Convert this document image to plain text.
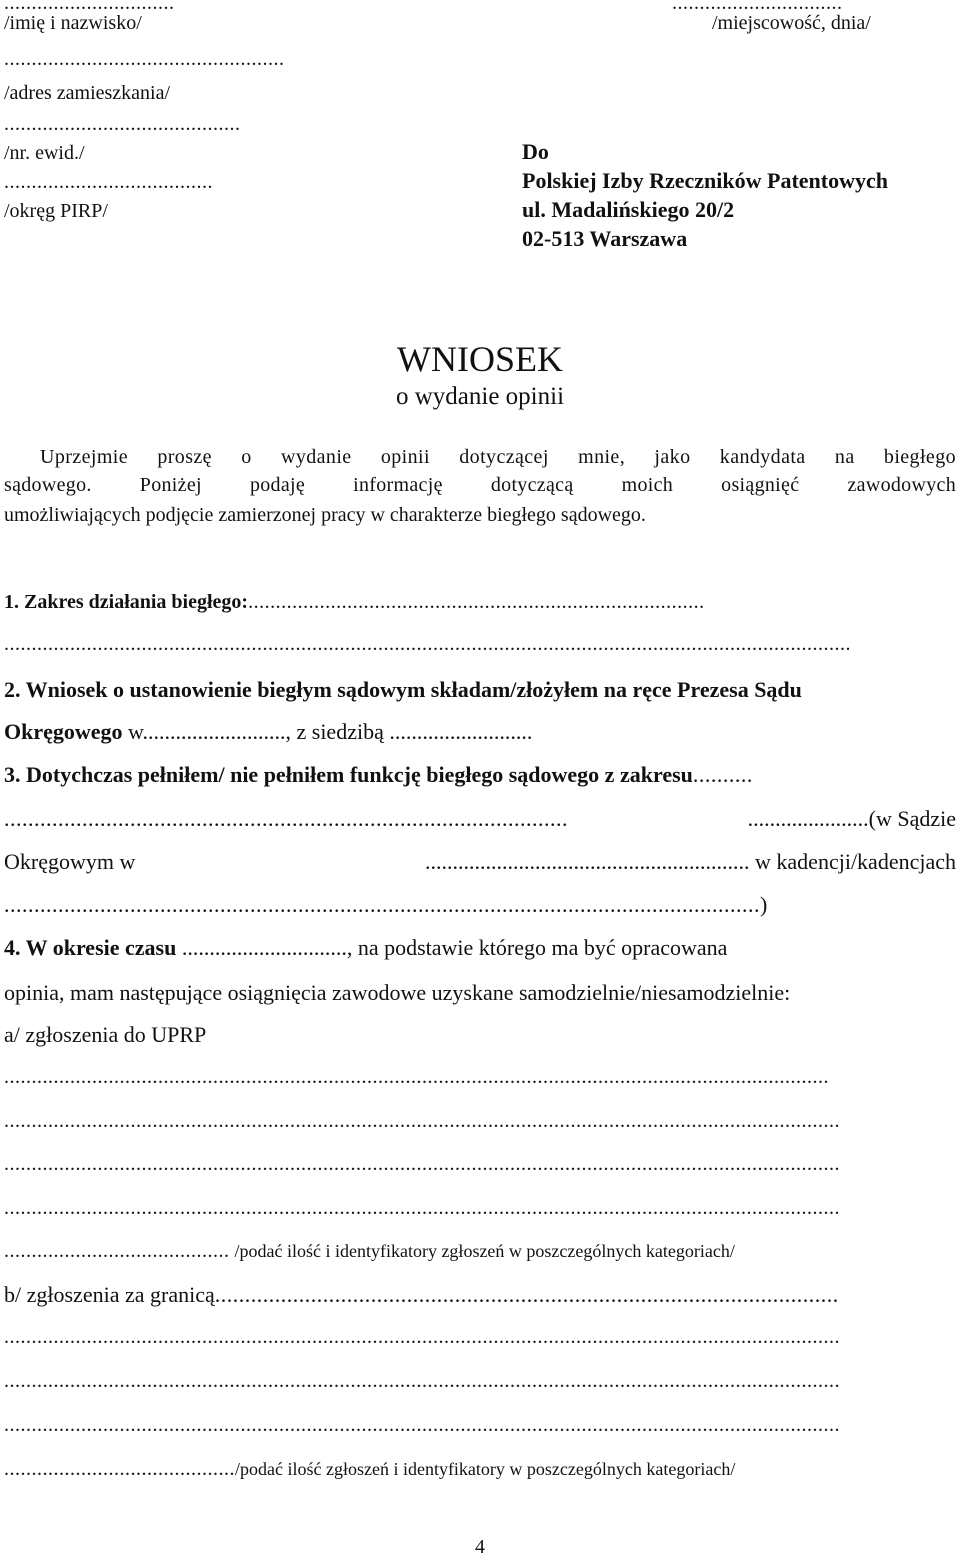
...............................
/imię i nazwisko/
...................................................
/adres zamieszkania/
...........................................
/nr. ewid./
......................................
/okręg PIRP/
...............................
/miejscowość, dnia/
Do
Polskiej Izby Rzeczników Patentowych
ul. Madalińskiego 20/2
02-513 Warszawa
WNIOSEK
o wydanie opinii
Uprzejmie proszę o wydanie opinii dotyczącej mnie, jako kandydata na biegłego
sądowego. Poniżej podaję informację dotyczącą moich osiągnięć zawodowych
umożliwiających podjęcie zamierzonej pracy w charakterze biegłego sądowego.
1. Zakres działania biegłego:...................................................................................
..........................................................................................................................................................
2. Wniosek o ustanowienie biegłym sądowym składam/złożyłem na ręce Prezesa Sądu
Okręgowego w.........................., z siedzibą ..........................
3. Dotychczas pełniłem/ nie pełniłem funkcję biegłego sądowego z zakresu..........
..............................................................................................	......................(w Sądzie
Okręgowym w	........................................................... w kadencji/kadencjach
..............................................................................................................................)
4. W okresie czasu .............................., na podstawie którego ma być opracowana
opinia, mam następujące osiągnięcia zawodowe uzyskane samodzielnie/niesamodzielnie:
a/ zgłoszenia do UPRP
......................................................................................................................................................
........................................................................................................................................................
........................................................................................................................................................
........................................................................................................................................................
......................................... /podać ilość i identyfikatory zgłoszeń w poszczególnych kategoriach/
b/ zgłoszenia za granicą........................................................................................................
........................................................................................................................................................
........................................................................................................................................................
........................................................................................................................................................
........................................../podać ilość zgłoszeń i identyfikatory w poszczególnych kategoriach/
4
